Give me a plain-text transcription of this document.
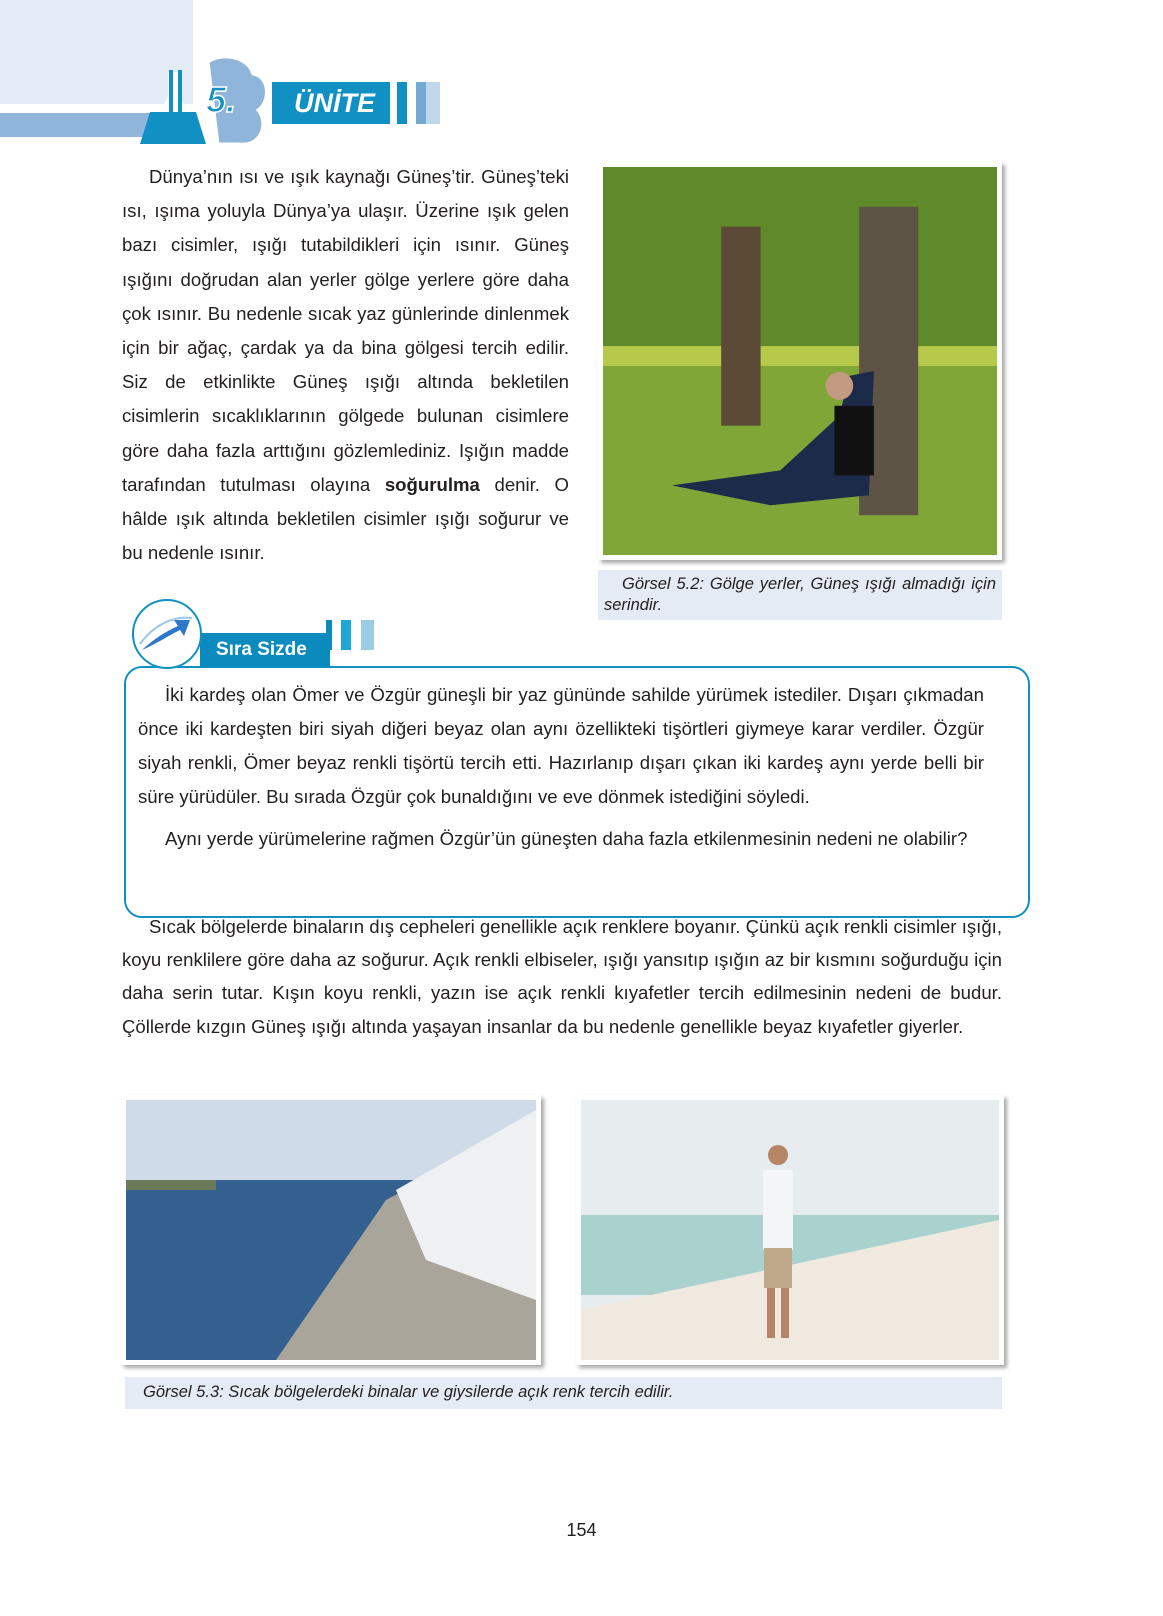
5.	ÜNİTE

Dünya’nın ısı ve ışık kaynağı Güneş’tir. Güneş’teki ısı, ışıma yoluyla Dünya’ya ulaşır. Üzerine ışık gelen bazı cisimler, ışığı tutabildikleri için ısınır. Güneş ışığını doğrudan alan yerler gölge yerlere göre daha çok ısınır. Bu nedenle sıcak yaz günlerinde dinlenmek için bir ağaç, çardak ya da bina gölgesi tercih edilir. Siz de etkinlikte Güneş ışığı altında bekletilen cisimlerin sıcaklıklarının gölgede bulunan cisimlere göre daha fazla arttığını gözlemlediniz. Işığın madde tarafından tutulması olayına soğurulma denir. O hâlde ışık altında bekletilen cisimler ışığı soğurur ve bu nedenle ısınır.

Görsel 5.2: Gölge yerler, Güneş ışığı almadığı için serindir.

İki kardeş olan Ömer ve Özgür güneşli bir yaz gününde sahilde yürümek istediler. Dışarı çıkmadan önce iki kardeşten biri siyah diğeri beyaz olan aynı özellikteki tişörtleri giymeye karar verdiler. Özgür siyah renkli, Ömer beyaz renkli tişörtü tercih etti. Hazırlanıp dışarı çıkan iki kardeş aynı yerde belli bir süre yürüdüler. Bu sırada Özgür çok bunaldığını ve eve dönmek istediğini söyledi.

Aynı yerde yürümelerine rağmen Özgür’ün güneşten daha fazla etkilenmesinin nedeni ne olabilir?

Sıra Sizde

Sıcak bölgelerde binaların dış cepheleri genellikle açık renklere boyanır. Çünkü açık renkli cisimler ışığı, koyu renklilere göre daha az soğurur. Açık renkli elbiseler, ışığı yansıtıp ışığın az bir kısmını soğurduğu için daha serin tutar. Kışın koyu renkli, yazın ise açık renkli kıyafetler tercih edilmesinin nedeni de budur. Çöllerde kızgın Güneş ışığı altında yaşayan insanlar da bu nedenle genellikle beyaz kıyafetler giyerler.

Görsel 5.3: Sıcak bölgelerdeki binalar ve giysilerde açık renk tercih edilir.
154
